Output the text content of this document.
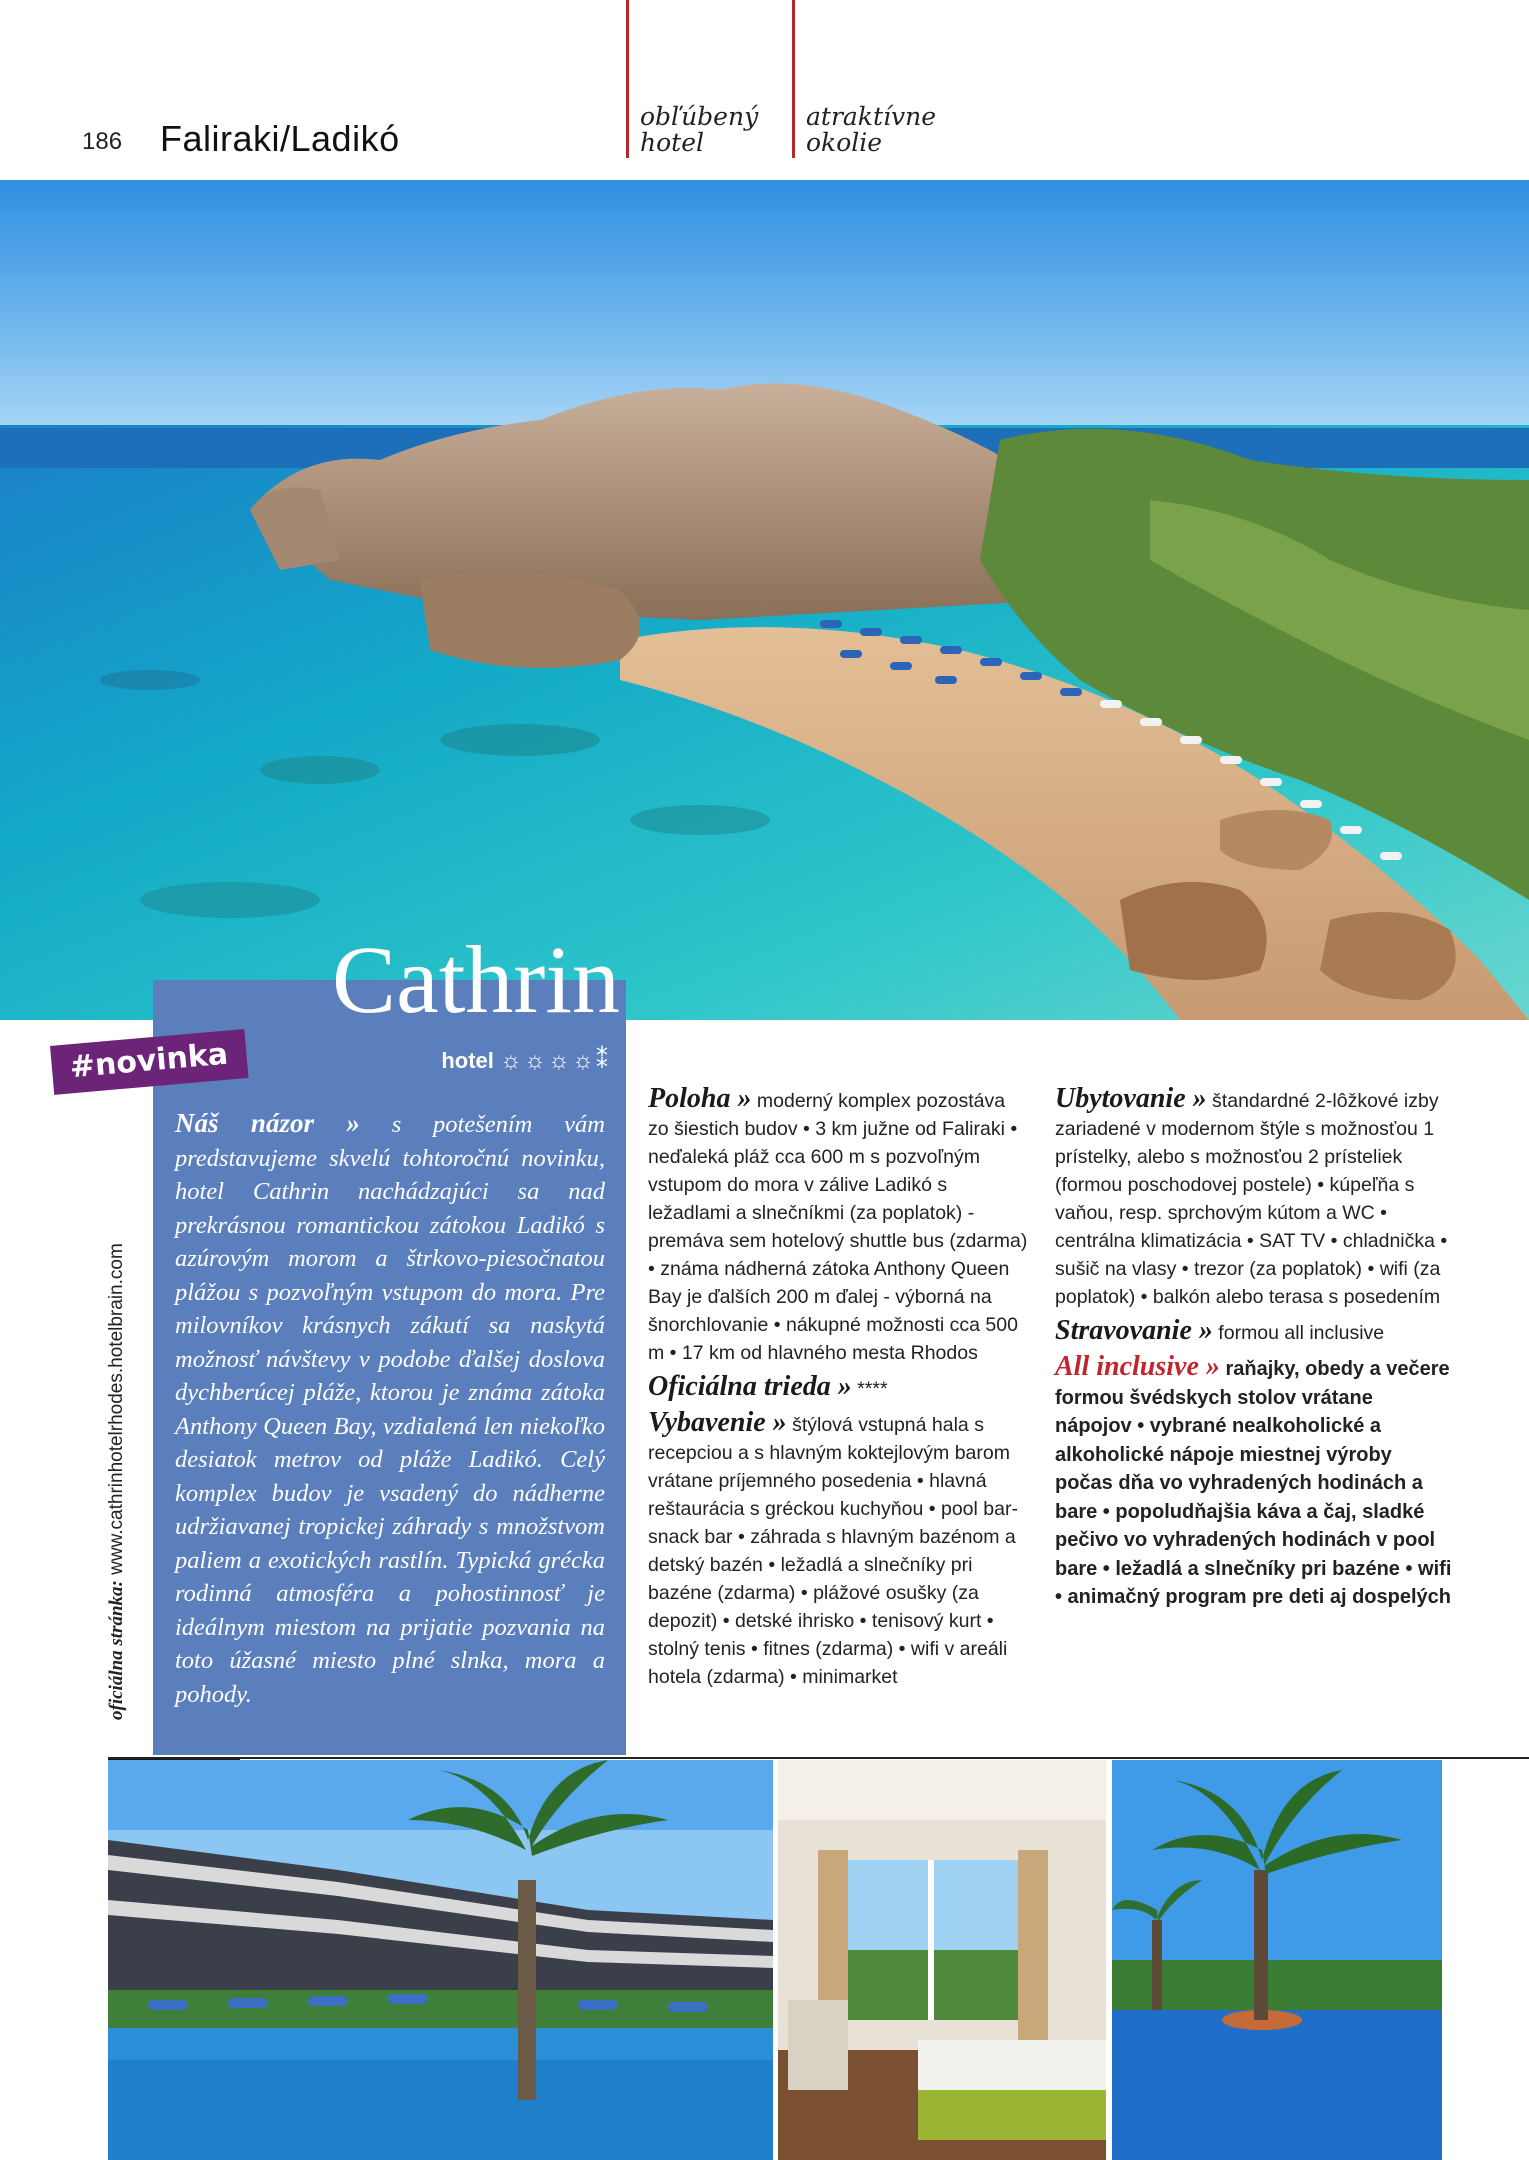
186 Faliraki/Ladikó
obľúbený
hotel
atraktívne
okolie
Cathrin
hotel ☼☼☼☼⁑
#novinka
oficiálna stránka: www.cathrinhotelrhodes.hotelbrain.com
Náš názor » s potešením vám predstavujeme skvelú tohtoročnú novinku, hotel Cathrin nachádzajúci sa nad prekrásnou romantickou zátokou Ladikó s azúrovým morom a štrkovo-piesočnatou plážou s pozvoľným vstupom do mora. Pre milovníkov krásnych zákutí sa naskytá možnosť návštevy v podobe ďalšej doslova dychberúcej pláže, ktorou je známa zátoka Anthony Queen Bay, vzdialená len niekoľko desiatok metrov od pláže Ladikó. Celý komplex budov je vsadený do nádherne udržiavanej tropickej záhrady s množstvom paliem a exotických rastlín. Typická grécka rodinná atmosféra a pohostinnosť je ideálnym miestom na prijatie pozvania na toto úžasné miesto plné slnka, mora a pohody.
Poloha » moderný komplex pozostáva zo šiestich budov • 3 km južne od Faliraki • neďaleká pláž cca 600 m s pozvoľným vstupom do mora v zálive Ladikó s ležadlami a slnečníkmi (za poplatok) - premáva sem hotelový shuttle bus (zdarma) • známa nádherná zátoka Anthony Queen Bay je ďalších 200 m ďalej - výborná na šnorchlovanie • nákupné možnosti cca 500 m • 17 km od hlavného mesta Rhodos
Oficiálna trieda » ****
Vybavenie » štýlová vstupná hala s recepciou a s hlavným koktejlovým barom vrátane príjemného posedenia • hlavná reštaurácia s gréckou kuchyňou • pool bar-snack bar • záhrada s hlavným bazénom a detský bazén • ležadlá a slnečníky pri bazéne (zdarma) • plážové osušky (za depozit) • detské ihrisko • tenisový kurt • stolný tenis • fitnes (zdarma) • wifi v areáli hotela (zdarma) • minimarket
Ubytovanie » štandardné 2-lôžkové izby zariadené v modernom štýle s možnosťou 1 prístelky, alebo s možnosťou 2 prísteliek (formou poschodovej postele) • kúpeľňa s vaňou, resp. sprchovým kútom a WC • centrálna klimatizácia • SAT TV • chladnička • sušič na vlasy • trezor (za poplatok) • wifi (za poplatok) • balkón alebo terasa s posedením
Stravovanie » formou all inclusive
All inclusive » raňajky, obedy a večere formou švédskych stolov vrátane nápojov • vybrané nealkoholické a alkoholické nápoje miestnej výroby počas dňa vo vyhradených hodinách a bare • popoludňajšia káva a čaj, sladké pečivo vo vyhradených hodinách v pool bare • ležadlá a slnečníky pri bazéne • wifi • animačný program pre deti aj dospelých
